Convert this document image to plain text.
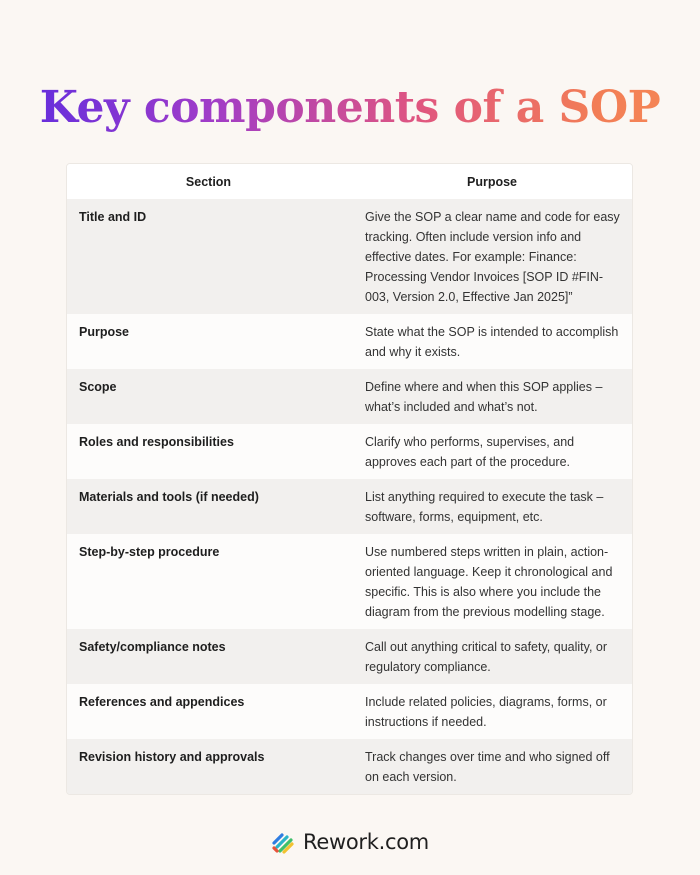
Key components of a SOP
Section	Purpose
Title and ID	Give the SOP a clear name and code for easy tracking. Often include version info and effective dates. For example: Finance: Processing Vendor Invoices [SOP ID #FIN-003, Version 2.0, Effective Jan 2025]”
Purpose	State what the SOP is intended to accomplish and why it exists.
Scope	Define where and when this SOP applies – what’s included and what’s not.
Roles and responsibilities	Clarify who performs, supervises, and approves each part of the procedure.
Materials and tools (if needed)	List anything required to execute the task – software, forms, equipment, etc.
Step-by-step procedure	Use numbered steps written in plain, action-oriented language. Keep it chronological and specific. This is also where you include the diagram from the previous modelling stage.
Safety/compliance notes	Call out anything critical to safety, quality, or regulatory compliance.
References and appendices	Include related policies, diagrams, forms, or instructions if needed.
Revision history and approvals	Track changes over time and who signed off on each version.
Rework.com
